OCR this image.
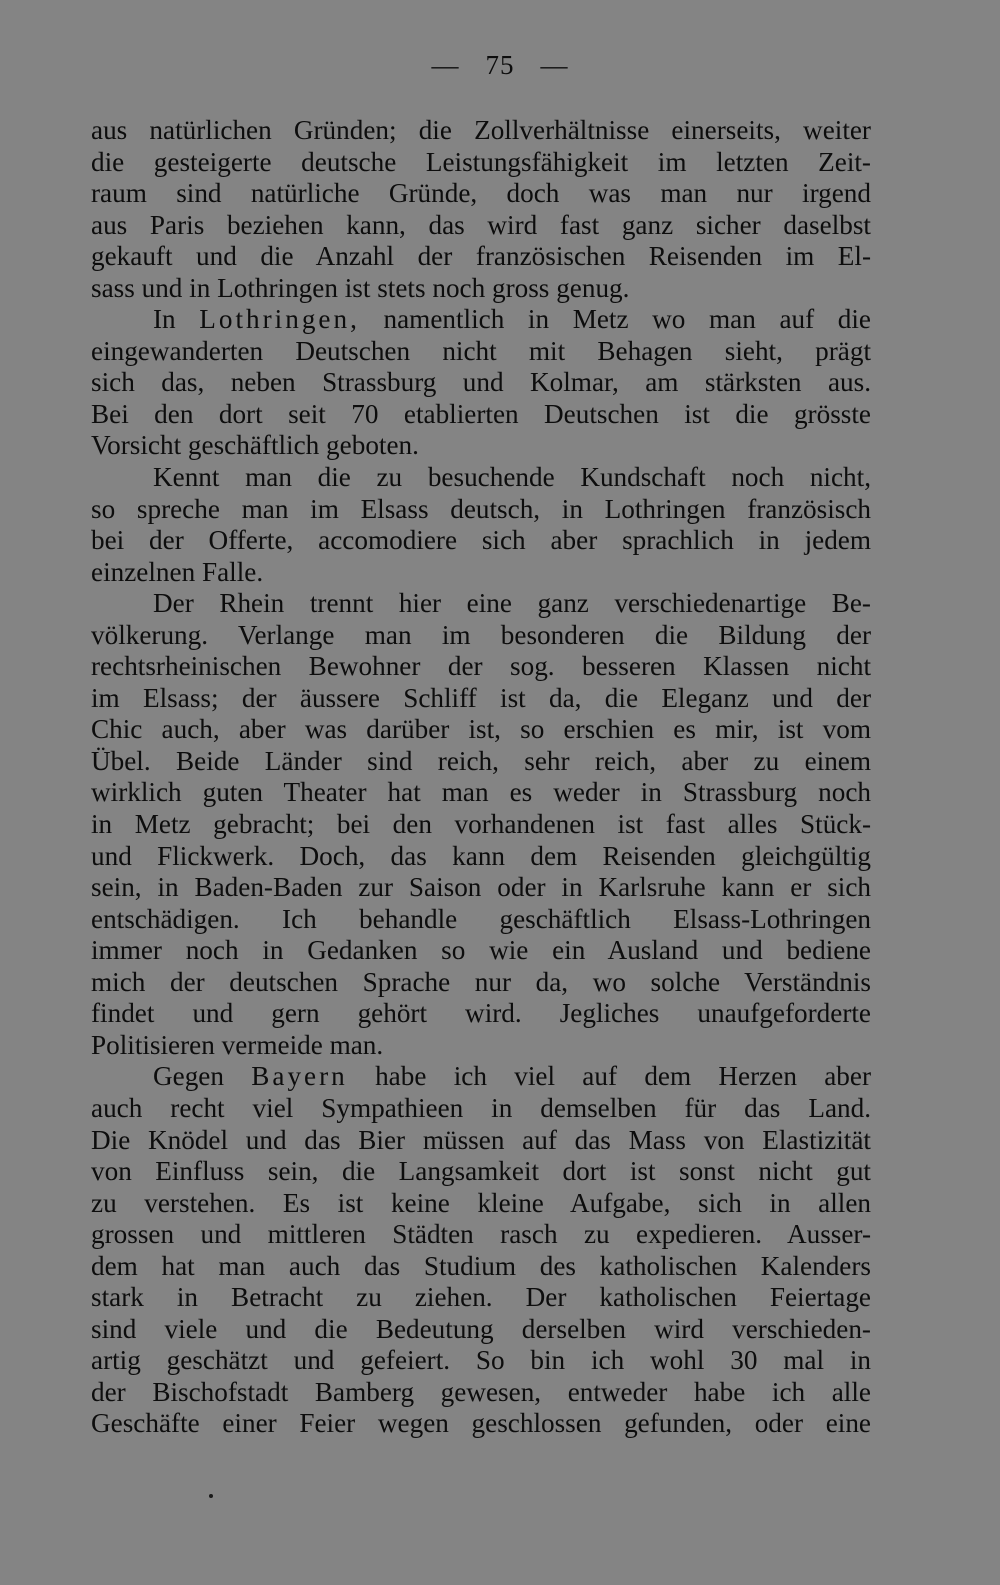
— 75 —
aus natürlichen Gründen; die Zollverhältnisse einerseits, weiter
die gesteigerte deutsche Leistungsfähigkeit im letzten Zeit-
raum sind natürliche Gründe, doch was man nur irgend
aus Paris beziehen kann, das wird fast ganz sicher daselbst
gekauft und die Anzahl der französischen Reisenden im El-
sass und in Lothringen ist stets noch gross genug.
In Lothringen, namentlich in Metz wo man auf die
eingewanderten Deutschen nicht mit Behagen sieht, prägt
sich das, neben Strassburg und Kolmar, am stärksten aus.
Bei den dort seit 70 etablierten Deutschen ist die grösste
Vorsicht geschäftlich geboten.
Kennt man die zu besuchende Kundschaft noch nicht,
so spreche man im Elsass deutsch, in Lothringen französisch
bei der Offerte, accomodiere sich aber sprachlich in jedem
einzelnen Falle.
Der Rhein trennt hier eine ganz verschiedenartige Be-
völkerung. Verlange man im besonderen die Bildung der
rechtsrheinischen Bewohner der sog. besseren Klassen nicht
im Elsass; der äussere Schliff ist da, die Eleganz und der
Chic auch, aber was darüber ist, so erschien es mir, ist vom
Übel. Beide Länder sind reich, sehr reich, aber zu einem
wirklich guten Theater hat man es weder in Strassburg noch
in Metz gebracht; bei den vorhandenen ist fast alles Stück-
und Flickwerk. Doch, das kann dem Reisenden gleichgültig
sein, in Baden-Baden zur Saison oder in Karlsruhe kann er sich
entschädigen. Ich behandle geschäftlich Elsass-Lothringen
immer noch in Gedanken so wie ein Ausland und bediene
mich der deutschen Sprache nur da, wo solche Verständnis
findet und gern gehört wird. Jegliches unaufgeforderte
Politisieren vermeide man.
Gegen Bayern habe ich viel auf dem Herzen aber
auch recht viel Sympathieen in demselben für das Land.
Die Knödel und das Bier müssen auf das Mass von Elastizität
von Einfluss sein, die Langsamkeit dort ist sonst nicht gut
zu verstehen. Es ist keine kleine Aufgabe, sich in allen
grossen und mittleren Städten rasch zu expedieren. Ausser-
dem hat man auch das Studium des katholischen Kalenders
stark in Betracht zu ziehen. Der katholischen Feiertage
sind viele und die Bedeutung derselben wird verschieden-
artig geschätzt und gefeiert. So bin ich wohl 30 mal in
der Bischofstadt Bamberg gewesen, entweder habe ich alle
Geschäfte einer Feier wegen geschlossen gefunden, oder eine
